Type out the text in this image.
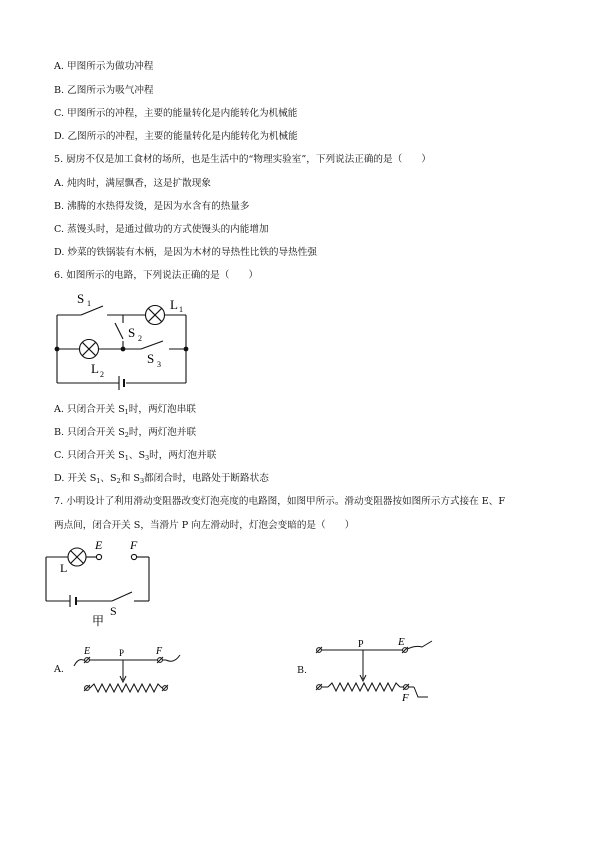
A. 甲图所示为做功冲程
B. 乙图所示为吸气冲程
C. 甲图所示的冲程，主要的能量转化是内能转化为机械能
D. 乙图所示的冲程，主要的能量转化是内能转化为机械能
5. 厨房不仅是加工食材的场所，也是生活中的“物理实验室”，下列说法正确的是（　　）
A. 炖肉时，满屋飘香，这是扩散现象
B. 沸腾的水热得发烫，是因为水含有的热量多
C. 蒸馒头时，是通过做功的方式使馒头的内能增加
D. 炒菜的铁锅装有木柄，是因为木材的导热性比铁的导热性强
6. 如图所示的电路，下列说法正确的是（　　）
S 1	L 1
S 2
S 3
L 2
A. 只闭合开关 $S_1$时，两灯泡串联
B. 只闭合开关 $S_2$时，两灯泡并联
C. 只闭合开关 $S_1$、$S_3$时，两灯泡并联
D. 开关 $S_1$、$S_2$和 $S_3$都闭合时，电路处于断路状态
7. 小明设计了利用滑动变阻器改变灯泡亮度的电路图，如图甲所示。滑动变阻器按如图所示方式接在 E、F
两点间，闭合开关 S，当滑片 P 向左滑动时，灯泡会变暗的是（　　）
E F
L
S
甲
A.
E	P	F
B.
P	E
F
